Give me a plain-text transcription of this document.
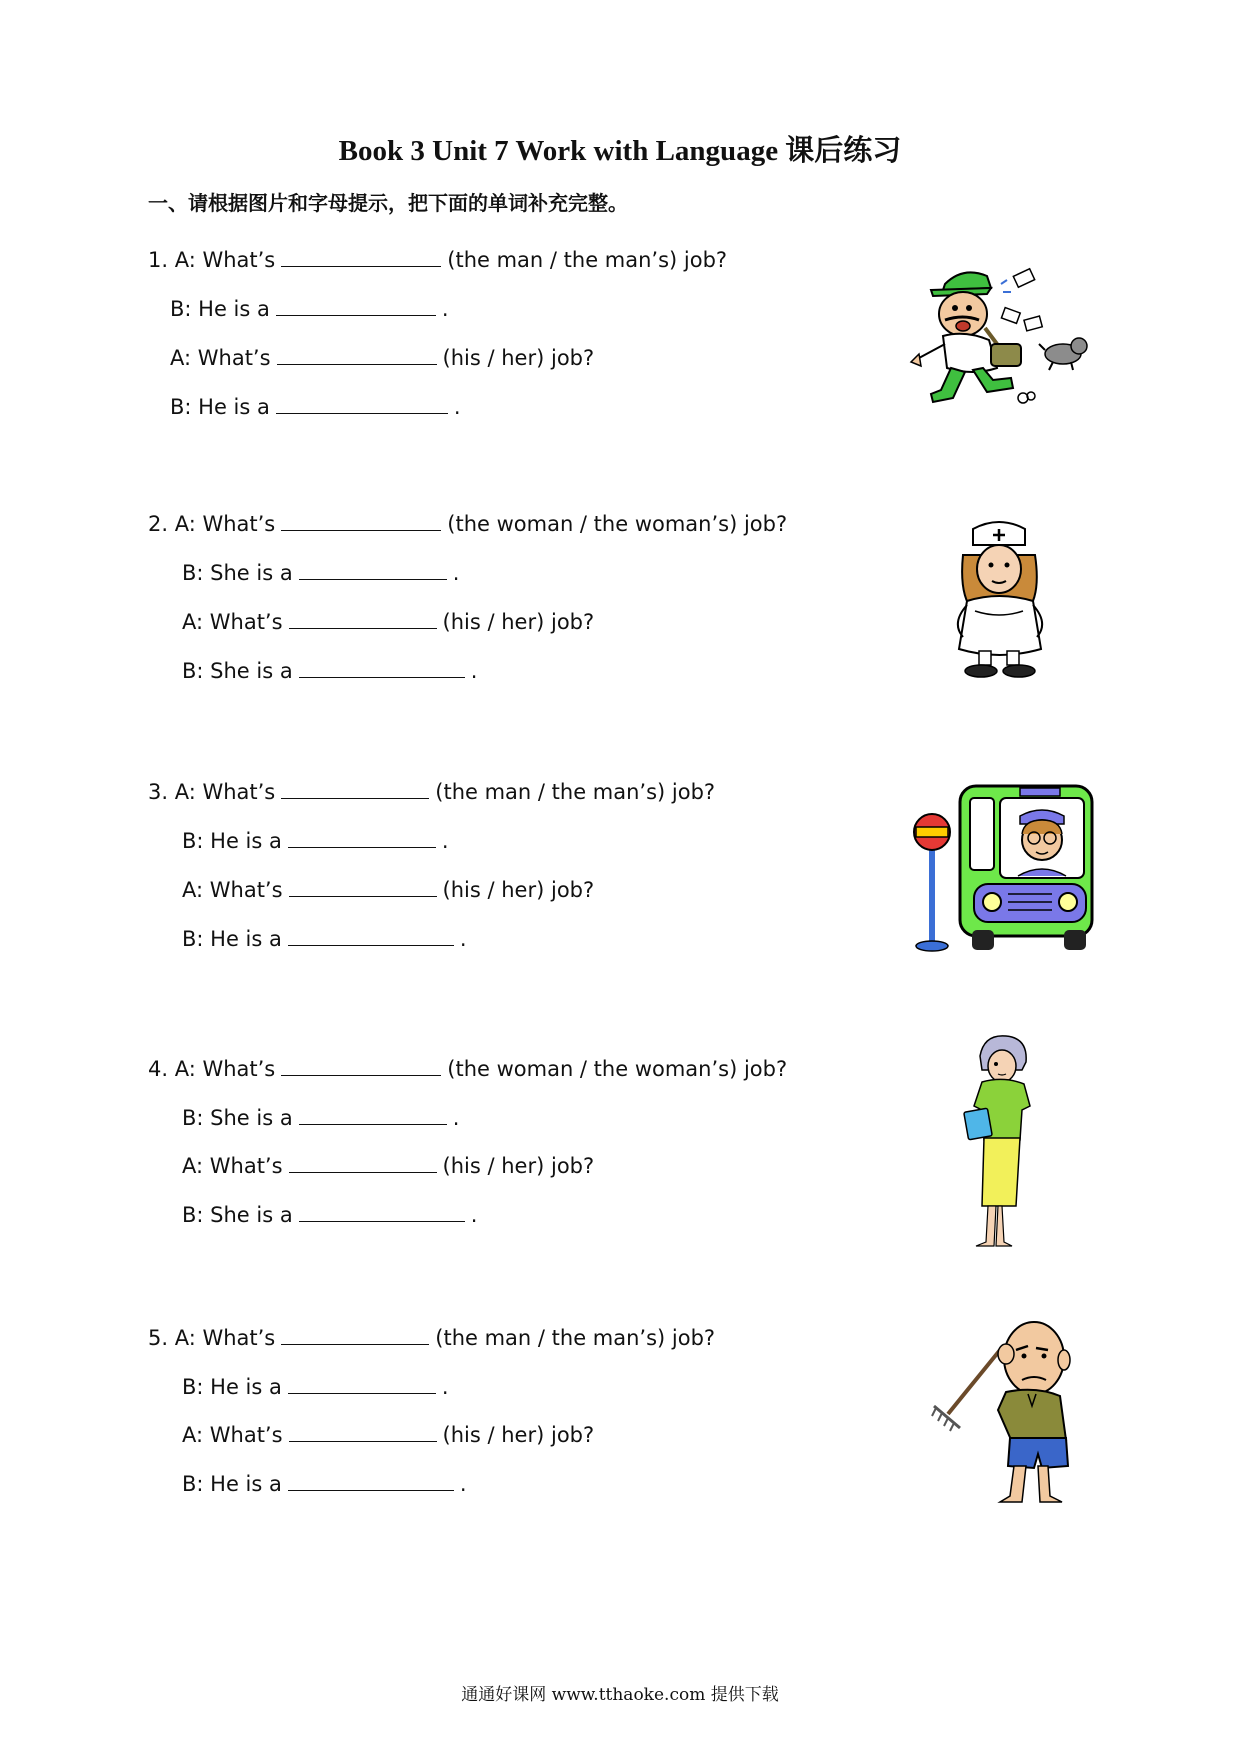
Book 3 Unit 7 Work with Language 课后练习
一、请根据图片和字母提示，把下面的单词补充完整。
1. A: What’s	(the man / the man’s) job?
B: He is a	.
A: What’s	(his / her) job?
B: He is a	.
2. A: What’s	(the woman / the woman’s) job?
B: She is a	.
A: What’s	(his / her) job?
B: She is a	.
3. A: What’s	(the man / the man’s) job?
B: He is a	.
A: What’s	(his / her) job?
B: He is a	.
4. A: What’s	(the woman / the woman’s) job?
B: She is a	.
A: What’s	(his / her) job?
B: She is a	.
5. A: What’s	(the man / the man’s) job?
B: He is a	.
A: What’s	(his / her) job?
B: He is a	.
通通好课网 www.tthaoke.com 提供下载
